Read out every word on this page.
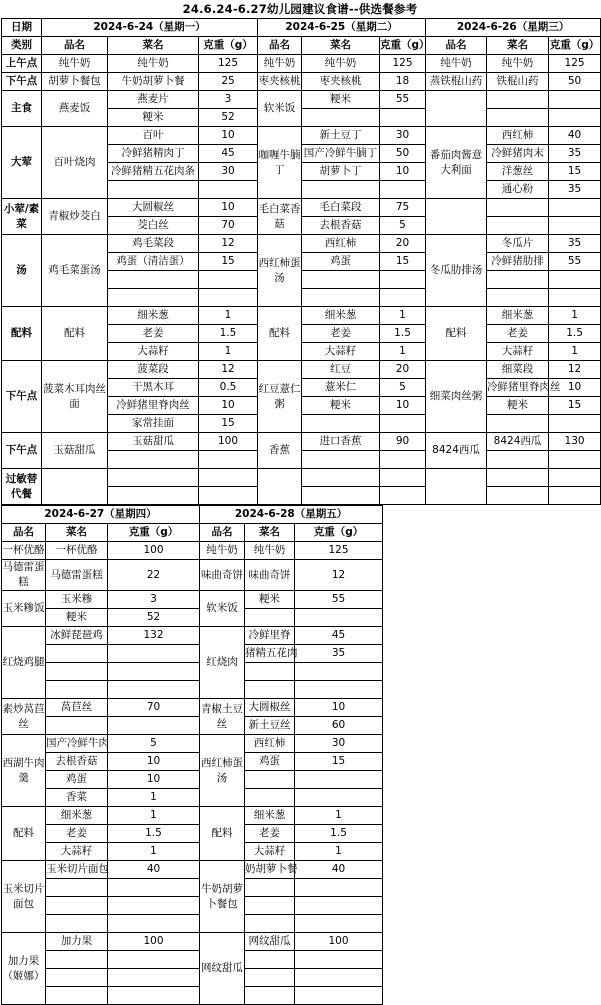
24.6.24-6.27幼儿园建议食谱--供选餐参考
日期	2024-6-24（星期一）			2024-6-25（星期二）			2024-6-26（星期三）		
类别	品名	菜名	克重（g）	品名	菜名	克重（g）	品名	菜名	克重（g）
上午点	纯牛奶	纯牛奶	125	纯牛奶	纯牛奶	125	纯牛奶	纯牛奶	125
下午点	胡萝卜餐包	牛奶胡萝卜餐	25	枣夹核桃	枣夹核桃	18	蒸铁棍山药	铁棍山药	50
主食	燕麦饭	燕麦片	3	软米饭	粳米	55			
		粳米	52						
大荤	百叶烧肉	百叶	10	咖喱牛腩丁	新土豆丁	30	番茄肉酱意大利面	西红柿	40
		冷鲜猪精肉丁	45		国产冷鲜牛腩丁	50		冷鲜猪肉末	35
		冷鲜猪精五花肉条	30		胡萝卜丁	10		洋葱丝	15
								通心粉	35
小荤/素菜	青椒炒茭白	大圆椒丝	10	毛白菜香菇	毛白菜段	75			
		茭白丝	70		去根香菇	5			
汤	鸡毛菜蛋汤	鸡毛菜段	12	西红柿蛋汤	西红柿	20	冬瓜肋排汤	冬瓜片	35
		鸡蛋（清洁蛋）	15		鸡蛋	15		冷鲜猪肋排	55

配料	配料	细米葱	1	配料	细米葱	1	配料	细米葱	1
		老姜	1.5		老姜	1.5		老姜	1.5
		大蒜籽	1		大蒜籽	1		大蒜籽	1
下午点	菠菜木耳肉丝面	菠菜段	12	红豆薏仁粥	红豆	20	细菜肉丝粥	细菜段	12
		干黑木耳	0.5		薏米仁	5		冷鲜猪里脊肉丝	10
		冷鲜猪里脊肉丝	10		粳米	10		粳米	15
		家常挂面	15						
下午点	玉菇甜瓜	玉菇甜瓜	100	香蕉	进口香蕉	90	8424西瓜	8424西瓜	130

过敏替代餐									

2024-6-27（星期四）			2024-6-28（星期五）		
品名	菜名	克重（g）	品名	菜名	克重（g）
一杯优酪	一杯优酪	100	纯牛奶	纯牛奶	125
马德雷蛋糕	马德雷蛋糕	22	味曲奇饼	味曲奇饼	12
玉米糁饭	玉米糁	3	软米饭	粳米	55
	粳米	52			
红烧鸡腿	冰鲜琵琶鸡	132	红烧肉	冷鲜里脊	45
				猪精五花肉	35

素炒莴苣丝	莴苣丝	70	青椒土豆丝	大圆椒丝	10
				新土豆丝	60
西湖牛肉羹	国产冷鲜牛肉	5	西红柿蛋汤	西红柿	30
	去根香菇	10		鸡蛋	15
	鸡蛋	10			
	香菜	1			
配料	细米葱	1	配料	细米葱	1
	老姜	1.5		老姜	1.5
	大蒜籽	1		大蒜籽	1
玉米切片面包	玉米切片面包	40	牛奶胡萝卜餐包	奶胡萝卜餐	40

加力果（姬娜）	加力果	100	网纹甜瓜	网纹甜瓜	100
